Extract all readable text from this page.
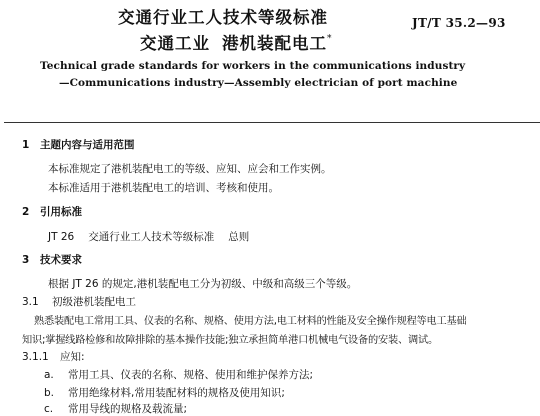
交通行业工人技术等级标准	JT/T 35.2—93
交通工业 港机装配电工*
Technical grade standards for workers in the communications industry
—Communications industry—Assembly electrician of port machine
1 主题内容与适用范围
本标准规定了港机装配电工的等级、应知、应会和工作实例。
本标准适用于港机装配电工的培训、考核和使用。
2 引用标准
JT 26 交通行业工人技术等级标准 总则
3 技术要求
根据 JT 26 的规定,港机装配电工分为初级、中级和高级三个等级。
3.1 初级港机装配电工
熟悉装配电工常用工具、仪表的名称、规格、使用方法,电工材料的性能及安全操作规程等电工基础
知识;掌握线路检修和故障排除的基本操作技能;独立承担简单港口机械电气设备的安装、调试。
3.1.1 应知:
a. 常用工具、仪表的名称、规格、使用和维护保养方法;
b. 常用绝缘材料,常用装配材料的规格及使用知识;
c. 常用导线的规格及载流量;
